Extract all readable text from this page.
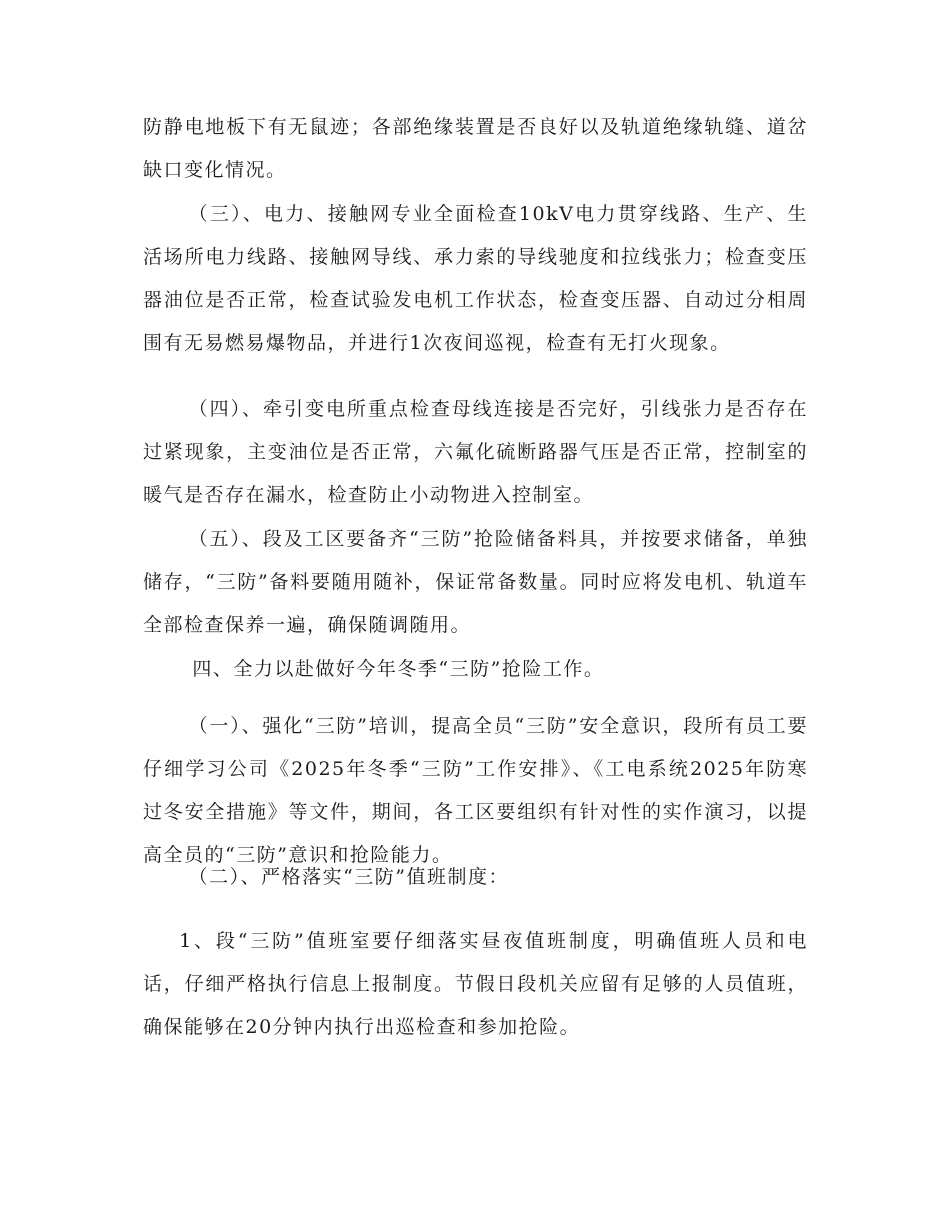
防静电地板下有无鼠迹；各部绝缘装置是否良好以及轨道绝缘轨缝、道岔缺口变化情况。

（三）、电力、接触网专业全面检查10kV电力贯穿线路、生产、生活场所电力线路、接触网导线、承力索的导线驰度和拉线张力；检查变压器油位是否正常，检查试验发电机工作状态，检查变压器、自动过分相周围有无易燃易爆物品，并进行1次夜间巡视，检查有无打火现象。

（四）、牵引变电所重点检查母线连接是否完好，引线张力是否存在过紧现象，主变油位是否正常，六氟化硫断路器气压是否正常，控制室的暖气是否存在漏水，检查防止小动物进入控制室。

（五）、段及工区要备齐“三防”抢险储备料具，并按要求储备，单独储存，“三防”备料要随用随补，保证常备数量。同时应将发电机、轨道车全部检查保养一遍，确保随调随用。

四、全力以赴做好今年冬季“三防”抢险工作。

（一）、强化“三防”培训，提高全员“三防”安全意识，段所有员工要仔细学习公司《2025年冬季“三防”工作安排》、《工电系统2025年防寒过冬安全措施》等文件，期间，各工区要组织有针对性的实作演习，以提高全员的“三防”意识和抢险能力。

（二）、严格落实“三防”值班制度：

1、段“三防”值班室要仔细落实昼夜值班制度，明确值班人员和电话，仔细严格执行信息上报制度。节假日段机关应留有足够的人员值班，确保能够在20分钟内执行出巡检查和参加抢险。
